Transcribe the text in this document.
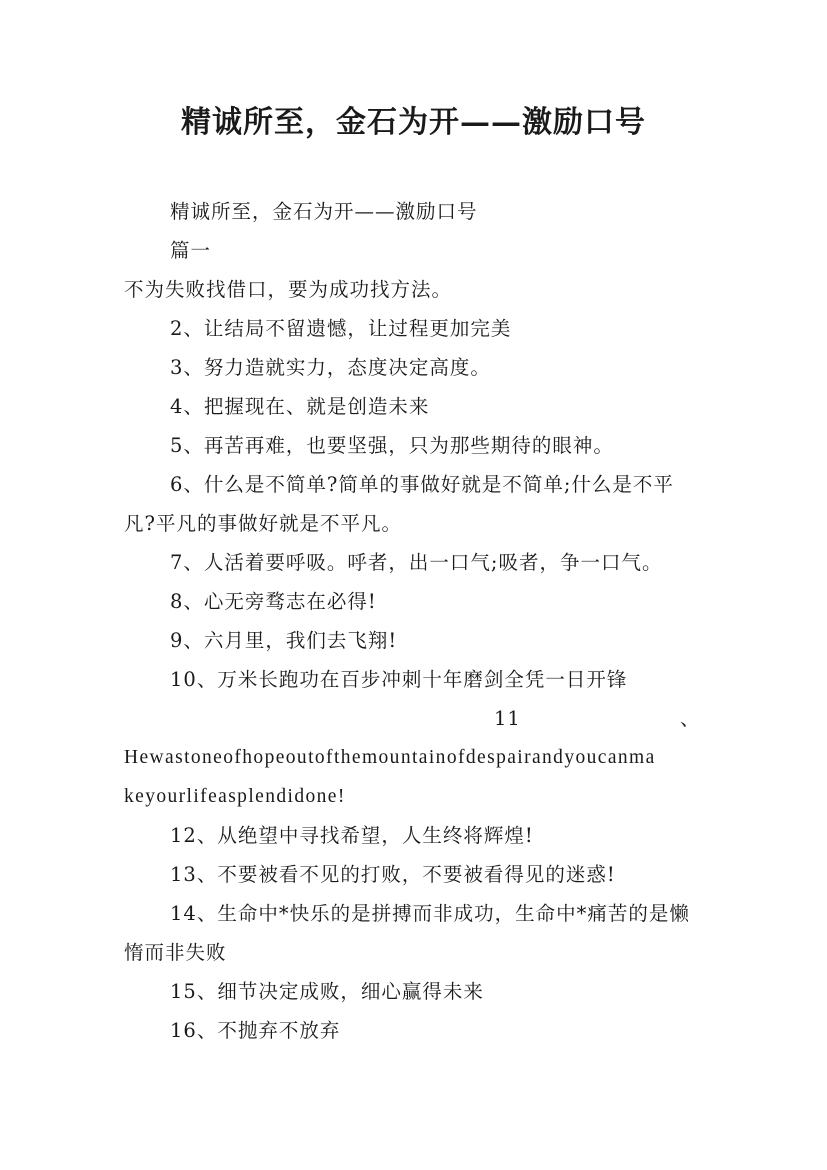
精诚所至，金石为开——激励口号
精诚所至，金石为开——激励口号
篇一
不为失败找借口，要为成功找方法。
2、让结局不留遗憾，让过程更加完美
3、努力造就实力，态度决定高度。
4、把握现在、就是创造未来
5、再苦再难，也要坚强，只为那些期待的眼神。
6、什么是不简单?简单的事做好就是不简单;什么是不平凡?平凡的事做好就是不平凡。
7、人活着要呼吸。呼者，出一口气;吸者，争一口气。
8、心无旁骛志在必得!
9、六月里，我们去飞翔!
10、万米长跑功在百步冲刺十年磨剑全凭一日开锋
11	、
Hewastoneofhopeoutofthemountainofdespairandyoucanma
keyourlifeasplendidone!
12、从绝望中寻找希望，人生终将辉煌!
13、不要被看不见的打败，不要被看得见的迷惑!
14、生命中*快乐的是拼搏而非成功，生命中*痛苦的是懒惰而非失败
15、细节决定成败，细心赢得未来
16、不抛弃不放弃
